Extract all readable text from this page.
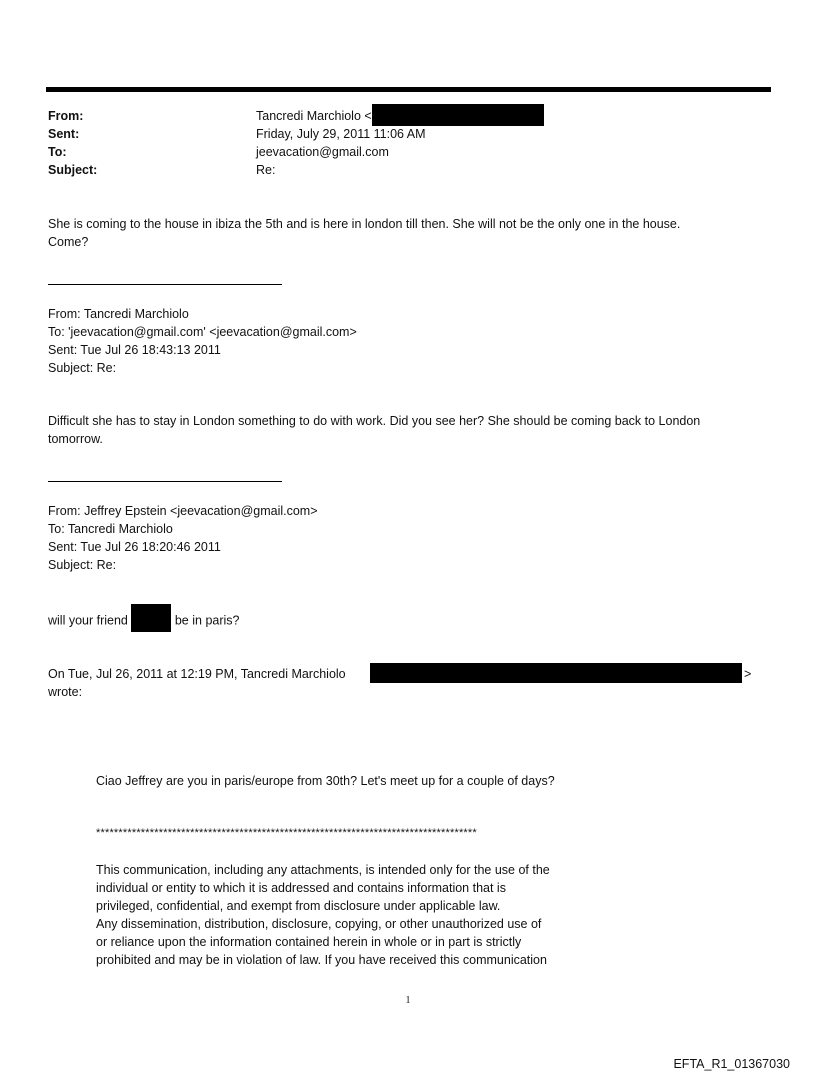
From:	Tancredi Marchiolo <
Sent:	Friday, July 29, 2011 11:06 AM
To:	jeevacation@gmail.com
Subject:	Re:
She is coming to the house in ibiza the 5th and is here in london till then. She will not be the only one in the house.
Come?
From: Tancredi Marchiolo
To: 'jeevacation@gmail.com' <jeevacation@gmail.com>
Sent: Tue Jul 26 18:43:13 2011
Subject: Re:
Difficult she has to stay in London something to do with work. Did you see her? She should be coming back to London
tomorrow.
From: Jeffrey Epstein <jeevacation@gmail.com>
To: Tancredi Marchiolo
Sent: Tue Jul 26 18:20:46 2011
Subject: Re:
will your friend	be in paris?
On Tue, Jul 26, 2011 at 12:19 PM, Tancredi Marchiolo	>
wrote:
Ciao Jeffrey are you in paris/europe from 30th? Let's meet up for a couple of days?
*************************************************************************************
This communication, including any attachments, is intended only for the use of the
individual or entity to which it is addressed and contains information that is
privileged, confidential, and exempt from disclosure under applicable law.
Any dissemination, distribution, disclosure, copying, or other unauthorized use of
or reliance upon the information contained herein in whole or in part is strictly
prohibited and may be in violation of law. If you have received this communication
1
EFTA_R1_01367030
